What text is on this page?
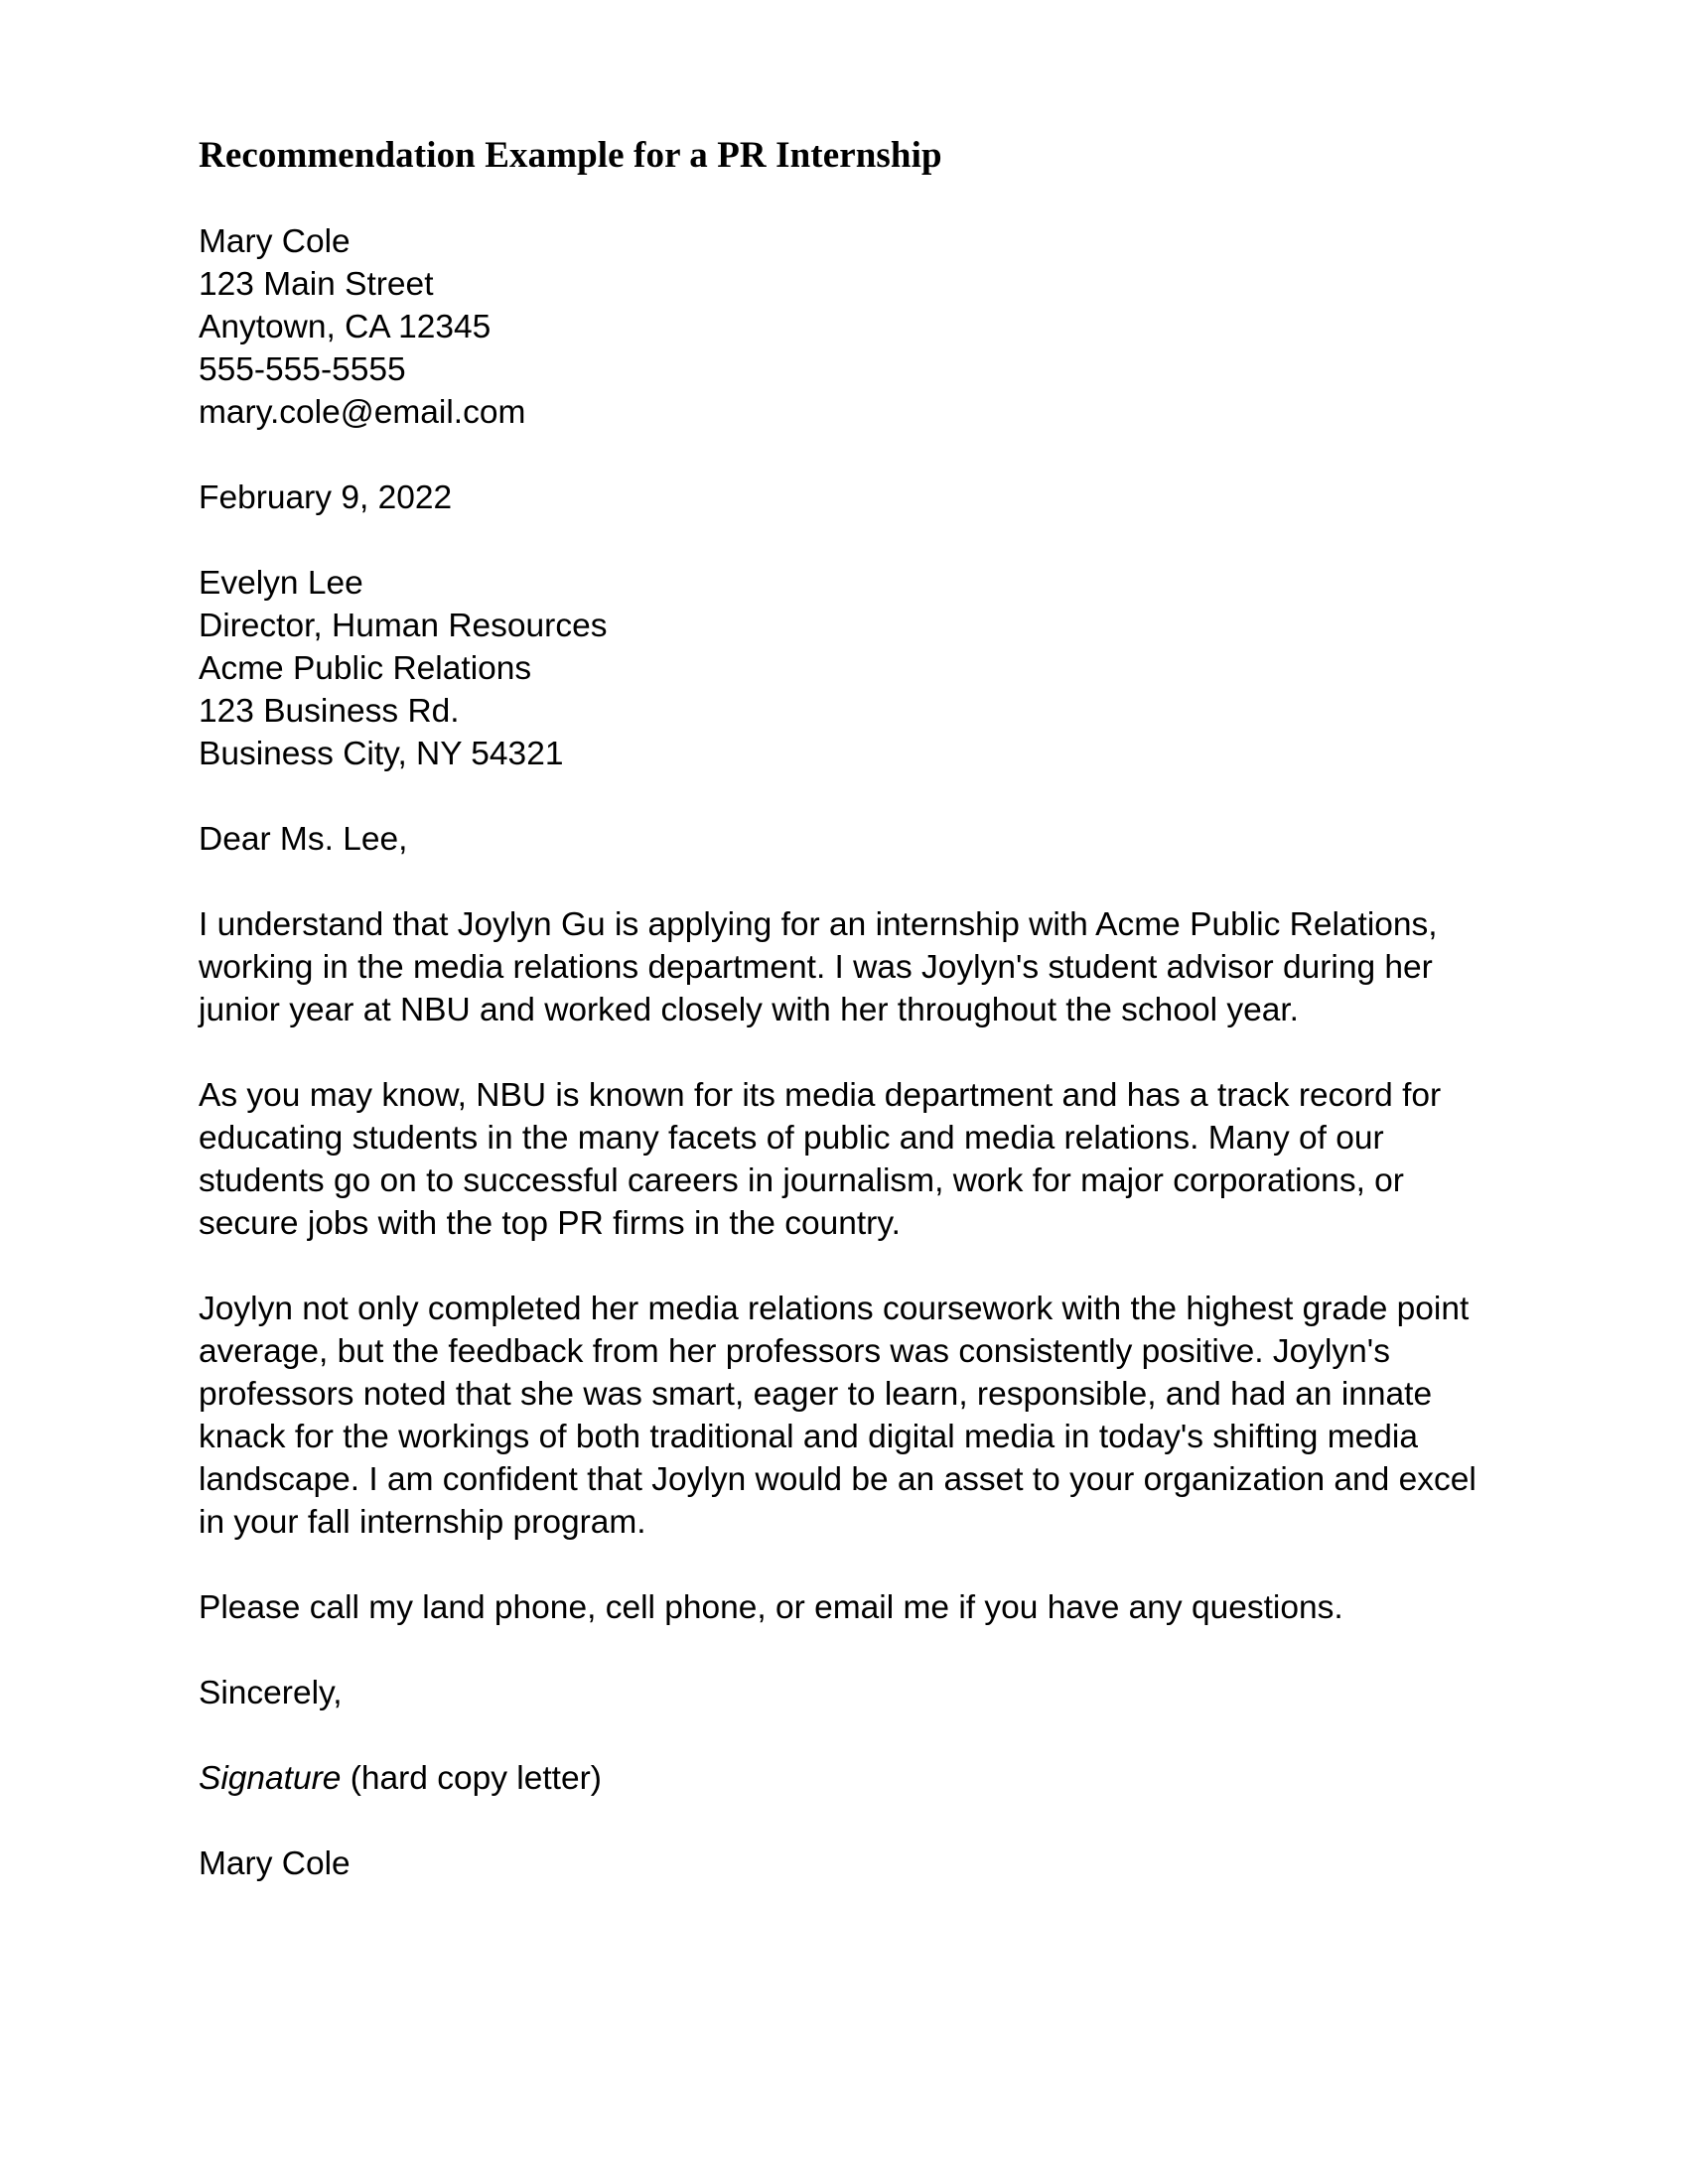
Recommendation Example for a PR Internship
Mary Cole
123 Main Street
Anytown, CA 12345
555-555-5555
mary.cole@email.com
February 9, 2022
Evelyn Lee
Director, Human Resources
Acme Public Relations
123 Business Rd.
Business City, NY 54321
Dear Ms. Lee,

I understand that Joylyn Gu is applying for an internship with Acme Public Relations, working in the media relations department. I was Joylyn's student advisor during her junior year at NBU and worked closely with her throughout the school year.

As you may know, NBU is known for its media department and has a track record for educating students in the many facets of public and media relations. Many of our students go on to successful careers in journalism, work for major corporations, or secure jobs with the top PR firms in the country.

Joylyn not only completed her media relations coursework with the highest grade point average, but the feedback from her professors was consistently positive. Joylyn's professors noted that she was smart, eager to learn, responsible, and had an innate knack for the workings of both traditional and digital media in today's shifting media landscape. I am confident that Joylyn would be an asset to your organization and excel in your fall internship program.

Please call my land phone, cell phone, or email me if you have any questions.

Sincerely,
Signature (hard copy letter)
Mary Cole
